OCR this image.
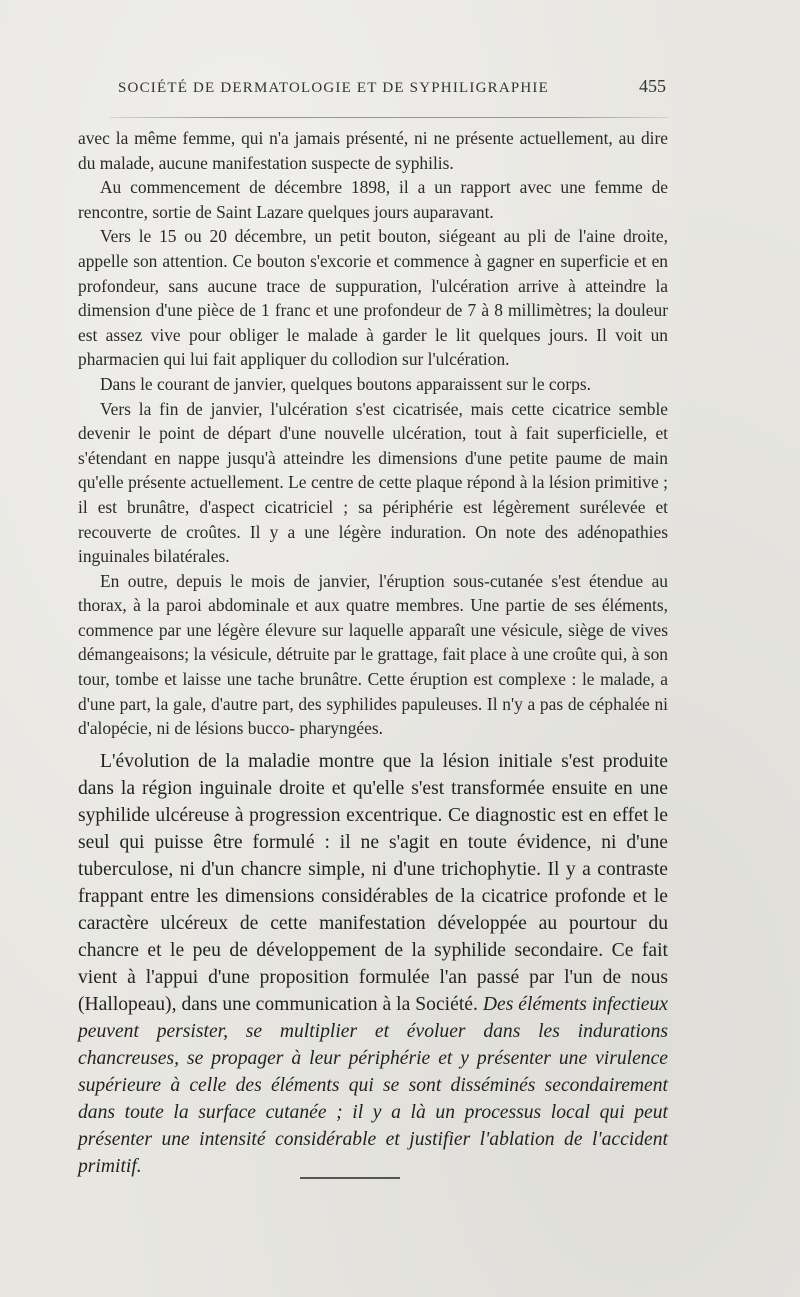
SOCIÉTÉ DE DERMATOLOGIE ET DE SYPHILIGRAPHIE	455

avec la même femme, qui n'a jamais présenté, ni ne présente actuellement, au dire du malade, aucune manifestation suspecte de syphilis.

Au commencement de décembre 1898, il a un rapport avec une femme de rencontre, sortie de Saint Lazare quelques jours auparavant.

Vers le 15 ou 20 décembre, un petit bouton, siégeant au pli de l'aine droite, appelle son attention. Ce bouton s'excorie et commence à gagner en superficie et en profondeur, sans aucune trace de suppuration, l'ulcération arrive à atteindre la dimension d'une pièce de 1 franc et une profondeur de 7 à 8 millimètres; la douleur est assez vive pour obliger le malade à garder le lit quelques jours. Il voit un pharmacien qui lui fait appliquer du collodion sur l'ulcération.

Dans le courant de janvier, quelques boutons apparaissent sur le corps.

Vers la fin de janvier, l'ulcération s'est cicatrisée, mais cette cicatrice semble devenir le point de départ d'une nouvelle ulcération, tout à fait superficielle, et s'étendant en nappe jusqu'à atteindre les dimensions d'une petite paume de main qu'elle présente actuellement. Le centre de cette plaque répond à la lésion primitive ; il est brunâtre, d'aspect cicatriciel ; sa périphérie est légèrement surélevée et recouverte de croûtes. Il y a une légère induration. On note des adénopathies inguinales bilatérales.

En outre, depuis le mois de janvier, l'éruption sous-cutanée s'est étendue au thorax, à la paroi abdominale et aux quatre membres. Une partie de ses éléments, commence par une légère élevure sur laquelle apparaît une vésicule, siège de vives démangeaisons; la vésicule, détruite par le grattage, fait place à une croûte qui, à son tour, tombe et laisse une tache brunâtre. Cette éruption est complexe : le malade, a d'une part, la gale, d'autre part, des syphilides papuleuses. Il n'y a pas de céphalée ni d'alopécie, ni de lésions bucco- pharyngées.

L'évolution de la maladie montre que la lésion initiale s'est produite dans la région inguinale droite et qu'elle s'est transformée ensuite en une syphilide ulcéreuse à progression excentrique. Ce diagnostic est en effet le seul qui puisse être formulé : il ne s'agit en toute évidence, ni d'une tuberculose, ni d'un chancre simple, ni d'une trichophytie. Il y a contraste frappant entre les dimensions considérables de la cicatrice profonde et le caractère ulcéreux de cette manifestation développée au pourtour du chancre et le peu de développement de la syphilide secondaire. Ce fait vient à l'appui d'une proposition formulée l'an passé par l'un de nous (Hallopeau), dans une communication à la Société. Des éléments infectieux peuvent persister, se multiplier et évoluer dans les indurations chancreuses, se propager à leur périphérie et y présenter une virulence supérieure à celle des éléments qui se sont disséminés secondairement dans toute la surface cutanée ; il y a là un processus local qui peut présenter une intensité considérable et justifier l'ablation de l'accident primitif.
